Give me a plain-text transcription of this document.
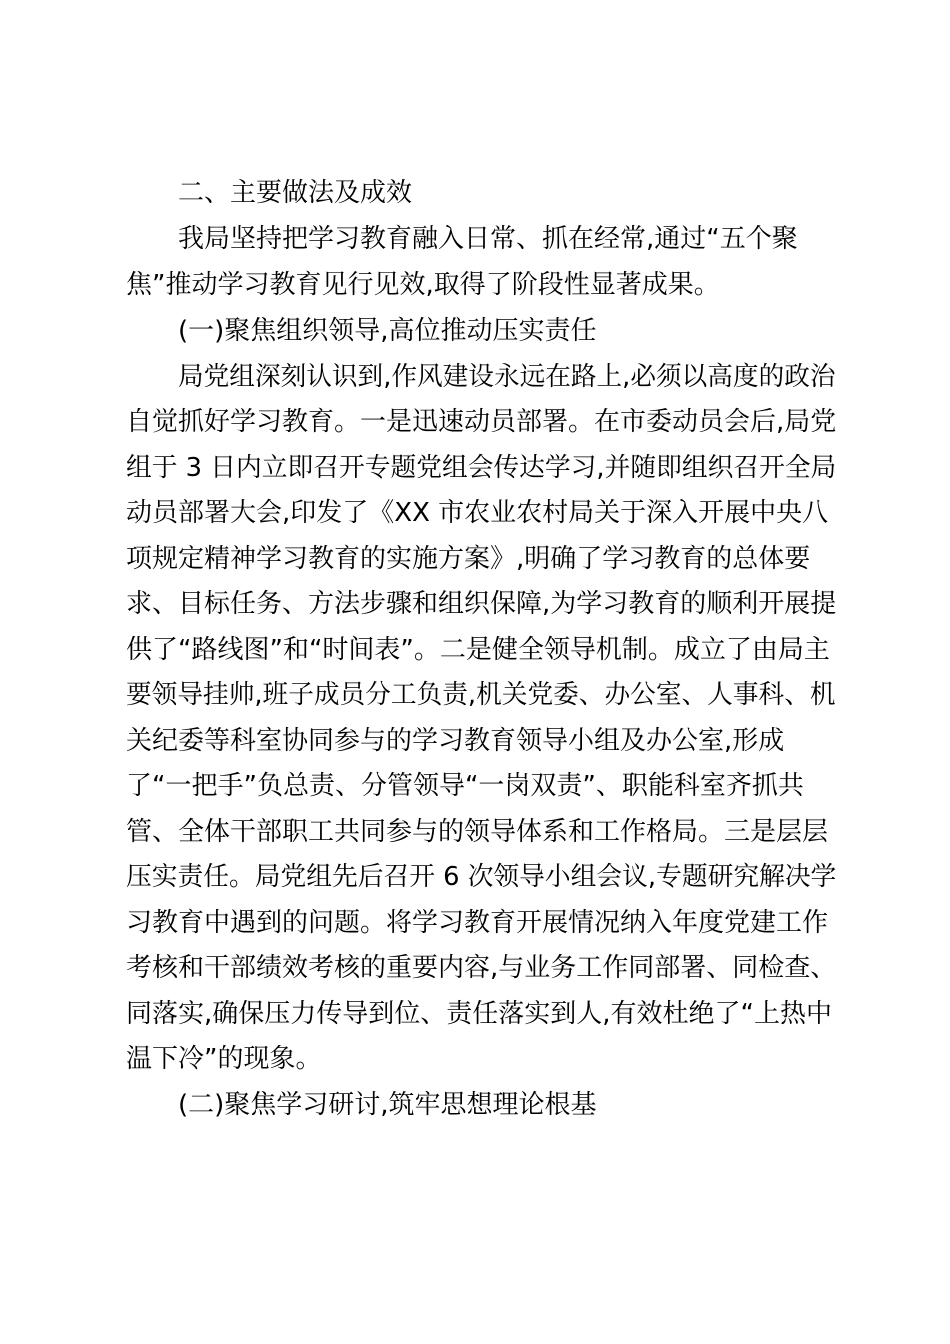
二、主要做法及成效
我局坚持把学习教育融入日常、抓在经常,通过“五个聚
焦”推动学习教育见行见效,取得了阶段性显著成果。
(一)聚焦组织领导,高位推动压实责任
局党组深刻认识到,作风建设永远在路上,必须以高度的政治
自觉抓好学习教育。一是迅速动员部署。在市委动员会后,局党
组于 3 日内立即召开专题党组会传达学习,并随即组织召开全局
动员部署大会,印发了《XX 市农业农村局关于深入开展中央八
项规定精神学习教育的实施方案》,明确了学习教育的总体要
求、目标任务、方法步骤和组织保障,为学习教育的顺利开展提
供了“路线图”和“时间表”。二是健全领导机制。成立了由局主
要领导挂帅,班子成员分工负责,机关党委、办公室、人事科、机
关纪委等科室协同参与的学习教育领导小组及办公室,形成
了“一把手”负总责、分管领导“一岗双责”、职能科室齐抓共
管、全体干部职工共同参与的领导体系和工作格局。三是层层
压实责任。局党组先后召开 6 次领导小组会议,专题研究解决学
习教育中遇到的问题。将学习教育开展情况纳入年度党建工作
考核和干部绩效考核的重要内容,与业务工作同部署、同检查、
同落实,确保压力传导到位、责任落实到人,有效杜绝了“上热中
温下冷”的现象。
(二)聚焦学习研讨,筑牢思想理论根基
